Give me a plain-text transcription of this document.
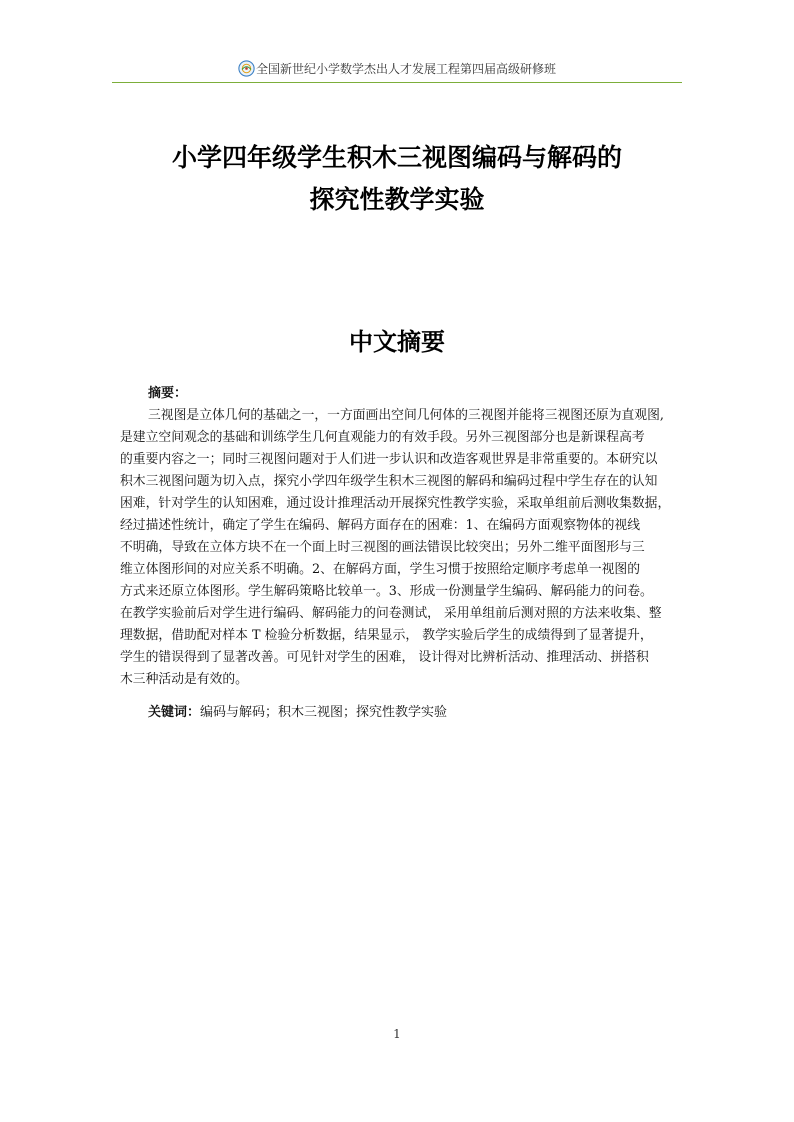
全国新世纪小学数学杰出人才发展工程第四届高级研修班
小学四年级学生积木三视图编码与解码的
探究性教学实验
中文摘要
摘要：
三视图是立体几何的基础之一，一方面画出空间几何体的三视图并能将三视图还原为直观图,
是建立空间观念的基础和训练学生几何直观能力的有效手段。另外三视图部分也是新课程高考
的重要内容之一；同时三视图问题对于人们进一步认识和改造客观世界是非常重要的。本研究以
积木三视图问题为切入点，探究小学四年级学生积木三视图的解码和编码过程中学生存在的认知
困难，针对学生的认知困难，通过设计推理活动开展探究性教学实验，采取单组前后测收集数据，
经过描述性统计，确定了学生在编码、解码方面存在的困难：1、在编码方面观察物体的视线
不明确，导致在立体方块不在一个面上时三视图的画法错误比较突出；另外二维平面图形与三
维立体图形间的对应关系不明确。2、在解码方面，学生习惯于按照给定顺序考虑单一视图的
方式来还原立体图形。学生解码策略比较单一。3、形成一份测量学生编码、解码能力的问卷。
在教学实验前后对学生进行编码、解码能力的问卷测试， 采用单组前后测对照的方法来收集、整
理数据，借助配对样本 T 检验分析数据，结果显示， 教学实验后学生的成绩得到了显著提升，
学生的错误得到了显著改善。可见针对学生的困难， 设计得对比辨析活动、推理活动、拼搭积
木三种活动是有效的。
关键词：编码与解码；积木三视图；探究性教学实验
1
